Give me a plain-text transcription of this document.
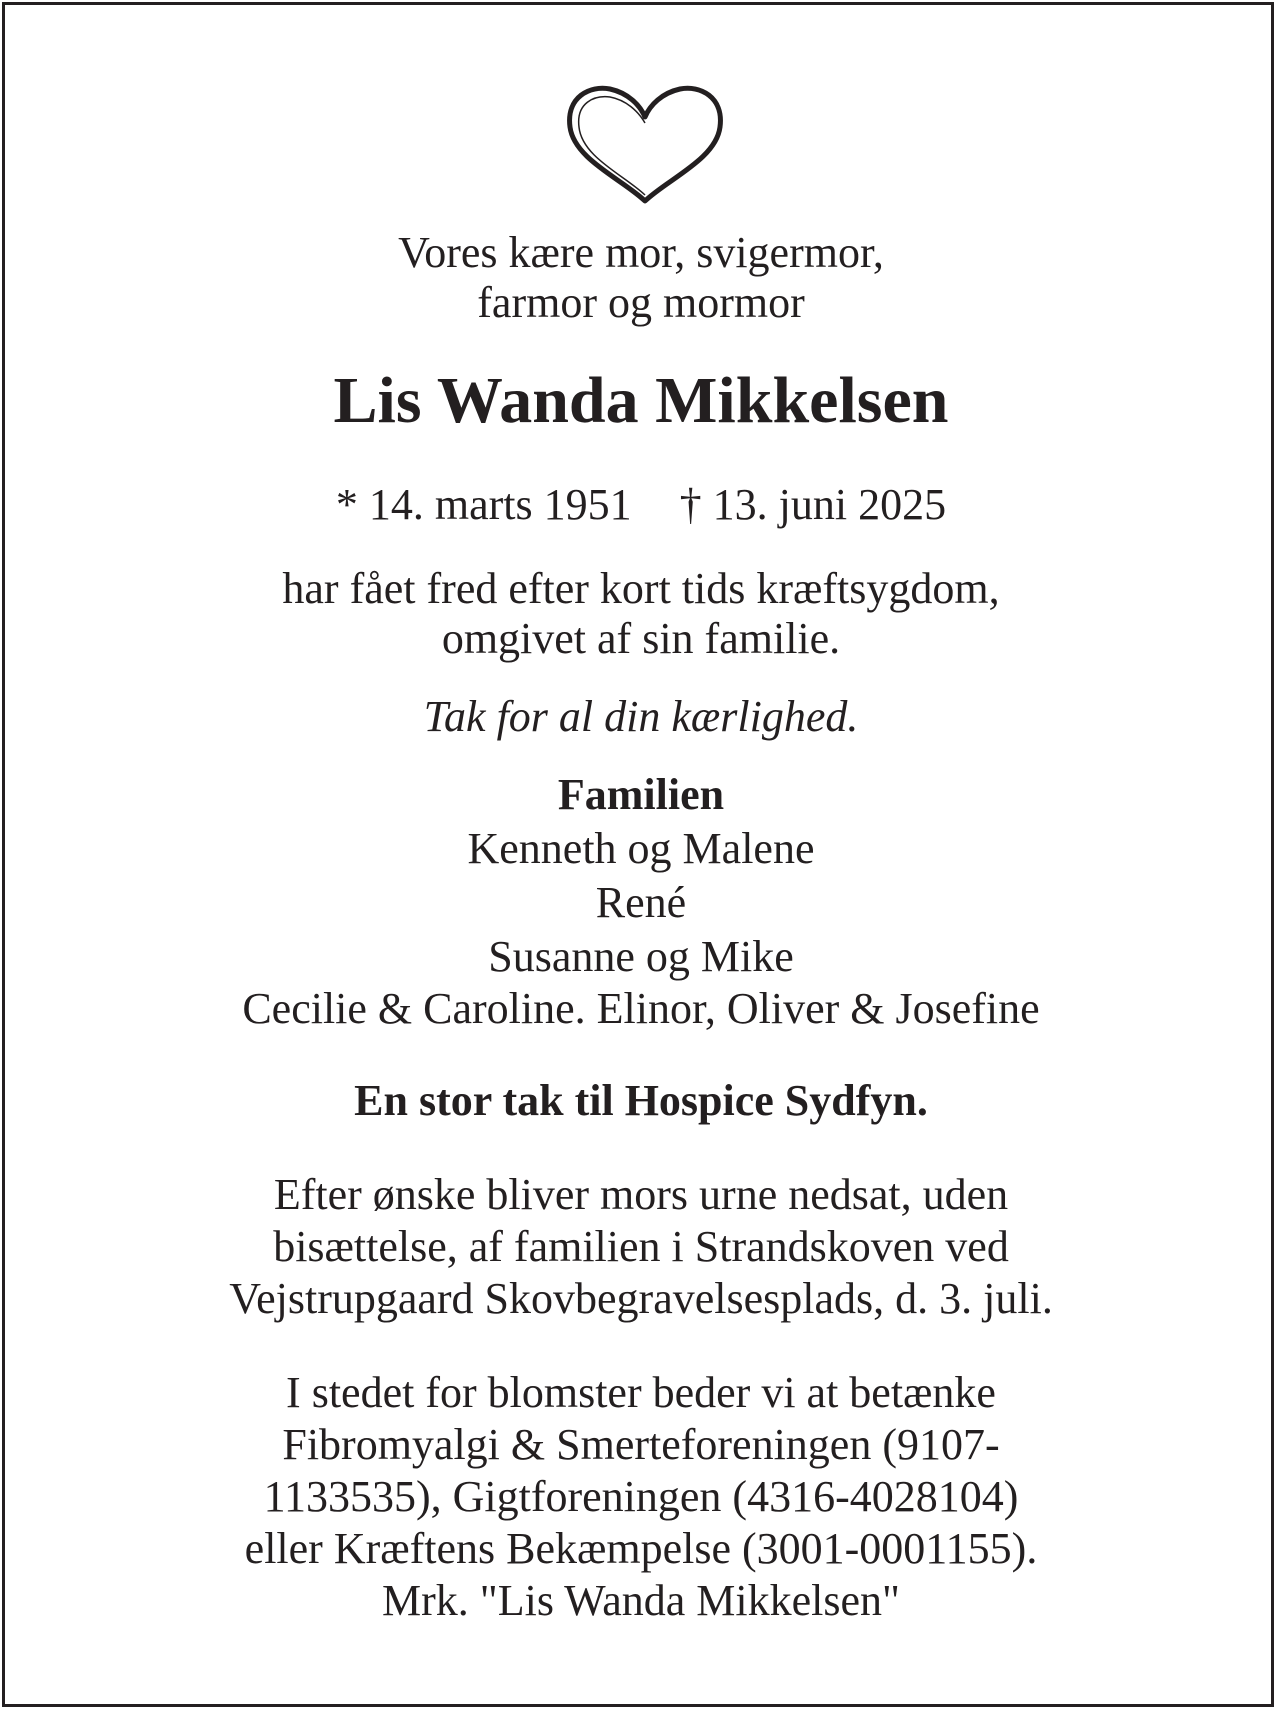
Vores kære mor, svigermor,
farmor og mormor
Lis Wanda Mikkelsen
* 14. marts 1951 † 13. juni 2025
har fået fred efter kort tids kræftsygdom,
omgivet af sin familie.
Tak for al din kærlighed.
Familien
Kenneth og Malene
René
Susanne og Mike
Cecilie & Caroline. Elinor, Oliver & Josefine
En stor tak til Hospice Sydfyn.
Efter ønske bliver mors urne nedsat, uden
bisættelse, af familien i Strandskoven ved
Vejstrupgaard Skovbegravelsesplads, d. 3. juli.
I stedet for blomster beder vi at betænke
Fibromyalgi & Smerteforeningen (9107-
1133535), Gigtforeningen (4316-4028104)
eller Kræftens Bekæmpelse (3001-0001155).
Mrk. "Lis Wanda Mikkelsen"
